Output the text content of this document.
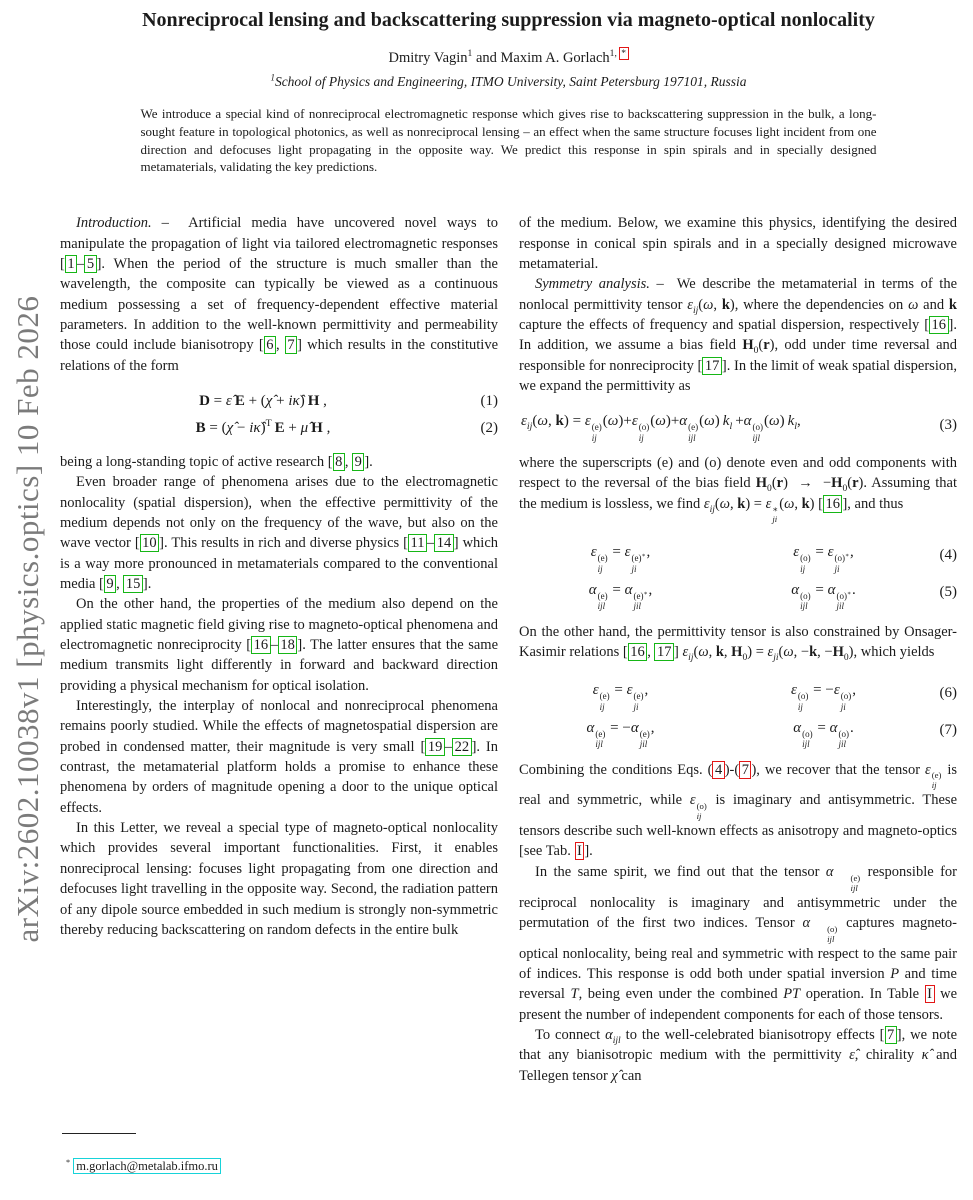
arXiv:2602.10038v1 [physics.optics] 10 Feb 2026
Nonreciprocal lensing and backscattering suppression via magneto-optical nonlocality
Dmitry Vagin$^1$ and Maxim A. Gorlach$^{1, *}$
$^1$School of Physics and Engineering, ITMO University, Saint Petersburg 197101, Russia
We introduce a special kind of nonreciprocal electromagnetic response which gives rise to backscattering suppression in the bulk, a long-sought feature in topological photonics, as well as nonreciprocal lensing – an effect when the same structure focuses light incident from one direction and defocuses light propagating in the opposite way. We predict this response in spin spirals and in specially designed metamaterials, validating the key predictions.

Introduction. –  Artificial media have uncovered novel ways to manipulate the propagation of light via tailored electromagnetic responses [ 1 – 5 ]. When the period of the structure is much smaller than the wavelength, the composite can typically be viewed as a continuous medium possessing a set of frequency-dependent effective material parameters. In addition to the well-known permittivity and permeability those could include bianisotropy [ 6 , 7 ] which results in the constitutive relations of the form

D = ε̂  E + (χ̂ + iκ̂) H ,	(1)
B = (χ̂ − iκ̂)$^T$  E + μ̂  H ,	(2)

being a long-standing topic of active research [ 8 , 9 ].

Even broader range of phenomena arises due to the electromagnetic nonlocality (spatial dispersion), when the effective permittivity of the medium depends not only on the frequency of the wave, but also on the wave vector [ 10 ]. This results in rich and diverse physics [ 11 – 14 ] which is a way more pronounced in metamaterials compared to the conventional media [ 9 , 15 ].

On the other hand, the properties of the medium also depend on the applied static magnetic field giving rise to magneto-optical phenomena and electromagnetic nonreciprocity [ 16 – 18 ]. The latter ensures that the same medium transmits light differently in forward and backward direction providing a physical mechanism for optical isolation.

Interestingly, the interplay of nonlocal and nonreciprocal phenomena remains poorly studied. While the effects of magnetospatial dispersion are probed in condensed matter, their magnitude is very small [ 19 – 22 ]. In contrast, the metamaterial platform holds a promise to enhance these phenomena by orders of magnitude opening a door to the unique optical effects.

In this Letter, we reveal a special type of magneto-optical nonlocality which provides several important functionalities. First, it enables nonreciprocal lensing: focuses light propagating from one direction and defocuses light travelling in the opposite way. Second, the radiation pattern of any dipole source embedded in such medium is strongly non-symmetric thereby reducing backscattering on random defects in the entire bulk

* m.gorlach@metalab.ifmo.ru

of the medium. Below, we examine this physics, identifying the desired response in conical spin spirals and in a specially designed microwave metamaterial.

Symmetry analysis. –  We describe the metamaterial in terms of the nonlocal permittivity tensor $\varepsilon_{ij}(\omega$, k), where the dependencies on ω and k capture the effects of frequency and spatial dispersion, respectively [ 16 ]. In addition, we assume a bias field $H_0(r)$, odd under time reversal and responsible for nonreciprocity [ 17 ]. In the limit of weak spatial dispersion, we expand the permittivity as

$\varepsilon_{ij}(\omega$, k) = ε (e)
ij
(ω)+ε (o)
ij
(ω)+α (e)
ijl
(ω) $k_l +\alpha$ (o)
ijl
(ω) $k_l$,	(3)

where the superscripts (e) and (o) denote even and odd components with respect to the reversal of the bias field $H_0(r) \to -H_0(r)$. Assuming that the medium is lossless, we find $\varepsilon_{ij}(\omega$, k) = ε ∗
ji
(ω, k) [ 16 ], and thus

ε (e)
ij
= ε (e)∗
ji
,	ε (o)
ij
= ε (o)∗
ji
,	(4)
α (e)
ijl
= α (e)∗
jil
,	α (o)
ijl
= α (o)∗
jil
.	(5)

On the other hand, the permittivity tensor is also constrained by Onsager-Kasimir relations [ 16 , 17 ] $\varepsilon_{ij}(\omega$, k, $H_0) = \varepsilon_{ji}(\omega$, −k, $-H_0$), which yields

ε (e)
ij
= ε (e)
ji
,	ε (o)
ij
= −ε (o)
ji
,	(6)
α (e)
ijl
= −α (e)
jil
,	α (o)
ijl
= α (o)
jil
.	(7)

Combining the conditions Eqs. ( 4 )-( 7 ), we recover that the tensor ε (e)
ij
is real and symmetric, while ε (o)
ij
is imaginary and antisymmetric. These tensors describe such well-known effects as anisotropy and magneto-optics [see Tab. I ].

In the same spirit, we find out that the tensor α	(e)
ijl
responsible for reciprocal nonlocality is imaginary and antisymmetric under the permutation of the first two indices. Tensor α	(o)
ijl
captures magneto-optical nonlocality, being real and symmetric with respect to the same pair of indices. This response is odd both under spatial inversion P and time reversal T, being even under the combined PT operation. In Table I we present the number of independent components for each of those tensors.

To connect $\alpha_{ijl}$ to the well-celebrated bianisotropy effects [ 7 ], we note that any bianisotropic medium with the permittivity ε̂, chirality κ̂ and Tellegen tensor χ̂ can
